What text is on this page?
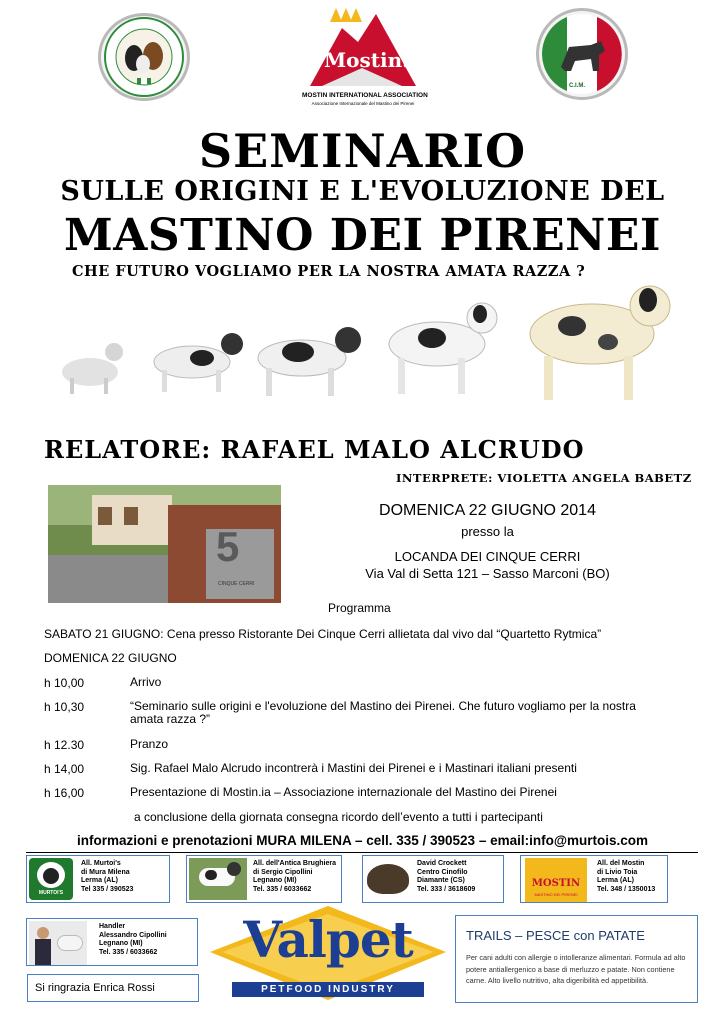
Mostin.ia
MOSTIN INTERNATIONAL ASSOCIATION
Associazione Internazionale del Mastino dei Pirenei
C.I.M.
SEMINARIO
SULLE ORIGINI E L'EVOLUZIONE DEL
MASTINO DEI PIRENEI
CHE FUTURO VOGLIAMO PER LA NOSTRA AMATA RAZZA ?
RELATORE: RAFAEL MALO ALCRUDO
INTERPRETE: VIOLETTA ANGELA BABETZ
5
CINQUE CERRI
DOMENICA 22 GIUGNO 2014
presso la
LOCANDA DEI CINQUE CERRI
Via Val di Setta 121 – Sasso Marconi (BO)
Programma
SABATO 21 GIUGNO: Cena presso Ristorante Dei Cinque Cerri allietata dal vivo dal “Quartetto Rytmica”
DOMENICA 22 GIUGNO
h 10,00	Arrivo
h 10,30	“Seminario sulle origini e l'evoluzione del Mastino dei Pirenei. Che futuro vogliamo per la nostra amata razza ?”
h 12.30	Pranzo
h 14,00	Sig. Rafael Malo Alcrudo incontrerà i Mastini dei Pirenei e i Mastinari italiani presenti
h 16,00	Presentazione di Mostin.ia – Associazione internazionale del Mastino dei Pirenei
a conclusione della giornata consegna ricordo dell’evento a tutti i partecipanti
informazioni e prenotazioni MURA MILENA – cell. 335 / 390523 – email:info@murtois.com
MURTOI'S
All. Murtoi's
di Mura Milena
Lerma (AL)
Tel 335 / 390523
All. dell'Antica Brughiera
di Sergio Cipollini
Legnano (MI)
Tel. 335 / 6033662
David Crockett
Centro Cinofilo
Diamante (CS)
Tel. 333 / 3618609	MOSTIN
MASTINO DEI PIRENEI
All. del Mostin
di Livio Toia
Lerma (AL)
Tel. 348 / 1350013
Handler
Alessandro Cipollini
Legnano (MI)
Tel. 335 / 6033662
Si ringrazia Enrica Rossi
Valpet
PETFOOD INDUSTRY
TRAILS – PESCE con PATATE
Per cani adulti con allergie o intolleranze alimentari. Formula ad alto potere antiallergenico a base di merluzzo e patate. Non contiene carne. Alto livello nutritivo, alta digeribilità ed appetibilità.
